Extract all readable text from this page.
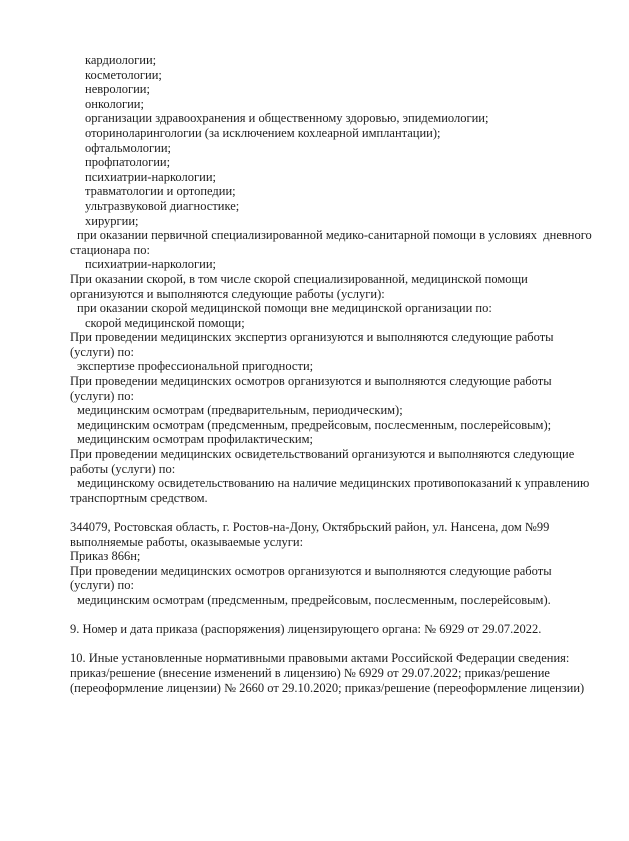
кардиологии;
косметологии;
неврологии;
онкологии;
организации здравоохранения и общественному здоровью, эпидемиологии;
оториноларингологии (за исключением кохлеарной имплантации);
офтальмологии;
профпатологии;
психиатрии-наркологии;
травматологии и ортопедии;
ультразвуковой диагностике;
хирургии;
при оказании первичной специализированной медико-санитарной помощи в условиях  дневного
стационара по:
психиатрии-наркологии;
При оказании скорой, в том числе скорой специализированной, медицинской помощи
организуются и выполняются следующие работы (услуги):
при оказании скорой медицинской помощи вне медицинской организации по:
скорой медицинской помощи;
При проведении медицинских экспертиз организуются и выполняются следующие работы
(услуги) по:
экспертизе профессиональной пригодности;
При проведении медицинских осмотров организуются и выполняются следующие работы
(услуги) по:
медицинским осмотрам (предварительным, периодическим);
медицинским осмотрам (предсменным, предрейсовым, послесменным, послерейсовым);
медицинским осмотрам профилактическим;
При проведении медицинских освидетельствований организуются и выполняются следующие
работы (услуги) по:
медицинскому освидетельствованию на наличие медицинских противопоказаний к управлению
транспортным средством.

344079, Ростовская область, г. Ростов-на-Дону, Октябрьский район, ул. Нансена, дом №99
выполняемые работы, оказываемые услуги:
Приказ 866н;
При проведении медицинских осмотров организуются и выполняются следующие работы
(услуги) по:
медицинским осмотрам (предсменным, предрейсовым, послесменным, послерейсовым).

9. Номер и дата приказа (распоряжения) лицензирующего органа: № 6929 от 29.07.2022.

10. Иные установленные нормативными правовыми актами Российской Федерации сведения:
приказ/решение (внесение изменений в лицензию) № 6929 от 29.07.2022; приказ/решение
(переоформление лицензии) № 2660 от 29.10.2020; приказ/решение (переоформление лицензии)
